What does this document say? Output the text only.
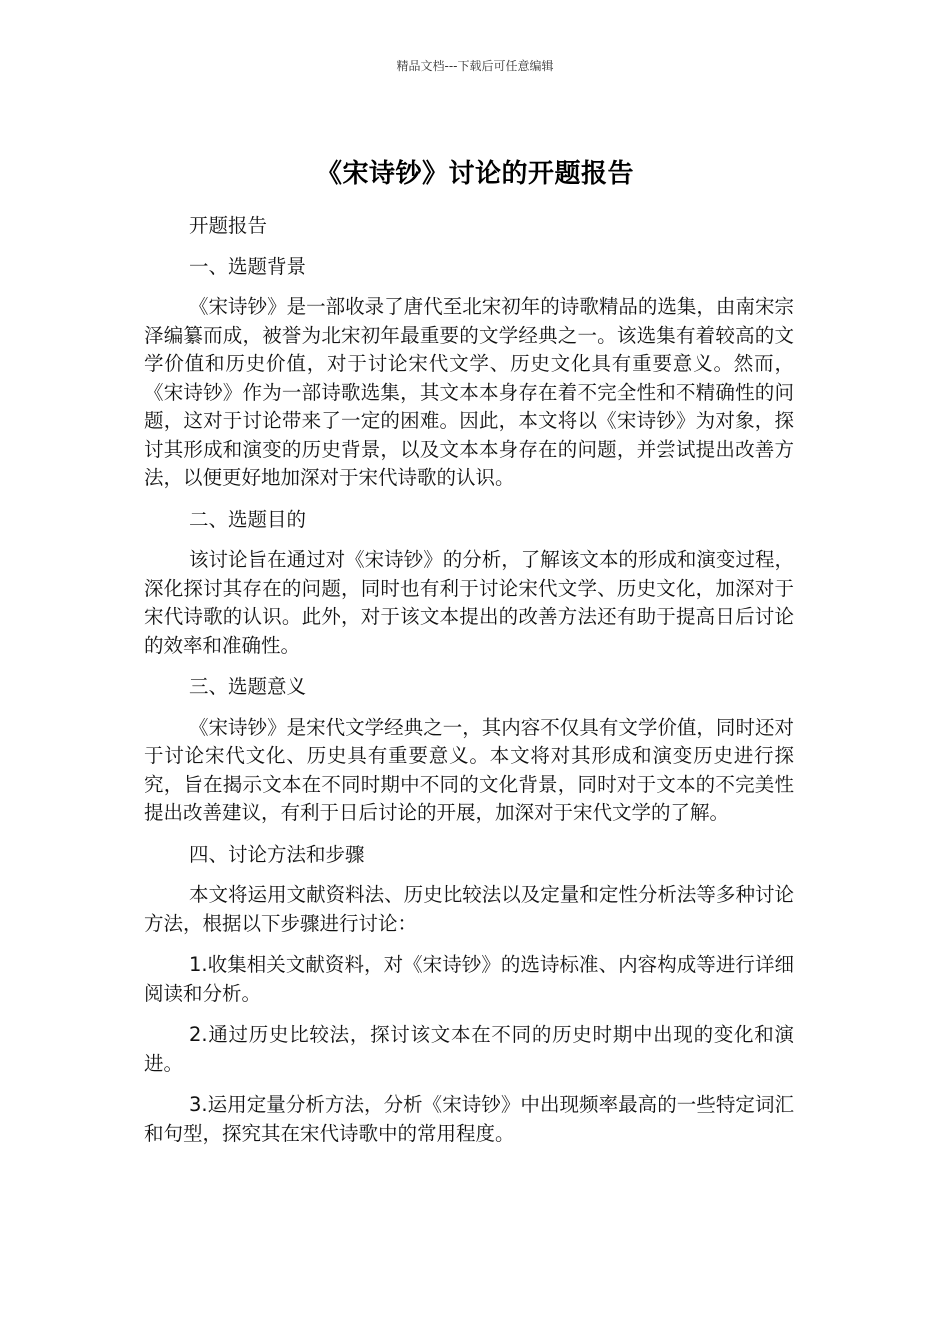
精品文档---下载后可任意编辑
《宋诗钞》讨论的开题报告

开题报告

一、选题背景

《宋诗钞》是一部收录了唐代至北宋初年的诗歌精品的选集，由南宋宗泽编纂而成，被誉为北宋初年最重要的文学经典之一。该选集有着较高的文学价值和历史价值，对于讨论宋代文学、历史文化具有重要意义。然而，《宋诗钞》作为一部诗歌选集，其文本本身存在着不完全性和不精确性的问题，这对于讨论带来了一定的困难。因此，本文将以《宋诗钞》为对象，探讨其形成和演变的历史背景，以及文本本身存在的问题，并尝试提出改善方法，以便更好地加深对于宋代诗歌的认识。

二、选题目的

该讨论旨在通过对《宋诗钞》的分析，了解该文本的形成和演变过程，深化探讨其存在的问题，同时也有利于讨论宋代文学、历史文化，加深对于宋代诗歌的认识。此外，对于该文本提出的改善方法还有助于提高日后讨论的效率和准确性。

三、选题意义

《宋诗钞》是宋代文学经典之一，其内容不仅具有文学价值，同时还对于讨论宋代文化、历史具有重要意义。本文将对其形成和演变历史进行探究，旨在揭示文本在不同时期中不同的文化背景，同时对于文本的不完美性提出改善建议，有利于日后讨论的开展，加深对于宋代文学的了解。

四、讨论方法和步骤

本文将运用文献资料法、历史比较法以及定量和定性分析法等多种讨论方法，根据以下步骤进行讨论：

1.收集相关文献资料，对《宋诗钞》的选诗标准、内容构成等进行详细阅读和分析。

2.通过历史比较法，探讨该文本在不同的历史时期中出现的变化和演进。

3.运用定量分析方法，分析《宋诗钞》中出现频率最高的一些特定词汇和句型，探究其在宋代诗歌中的常用程度。
